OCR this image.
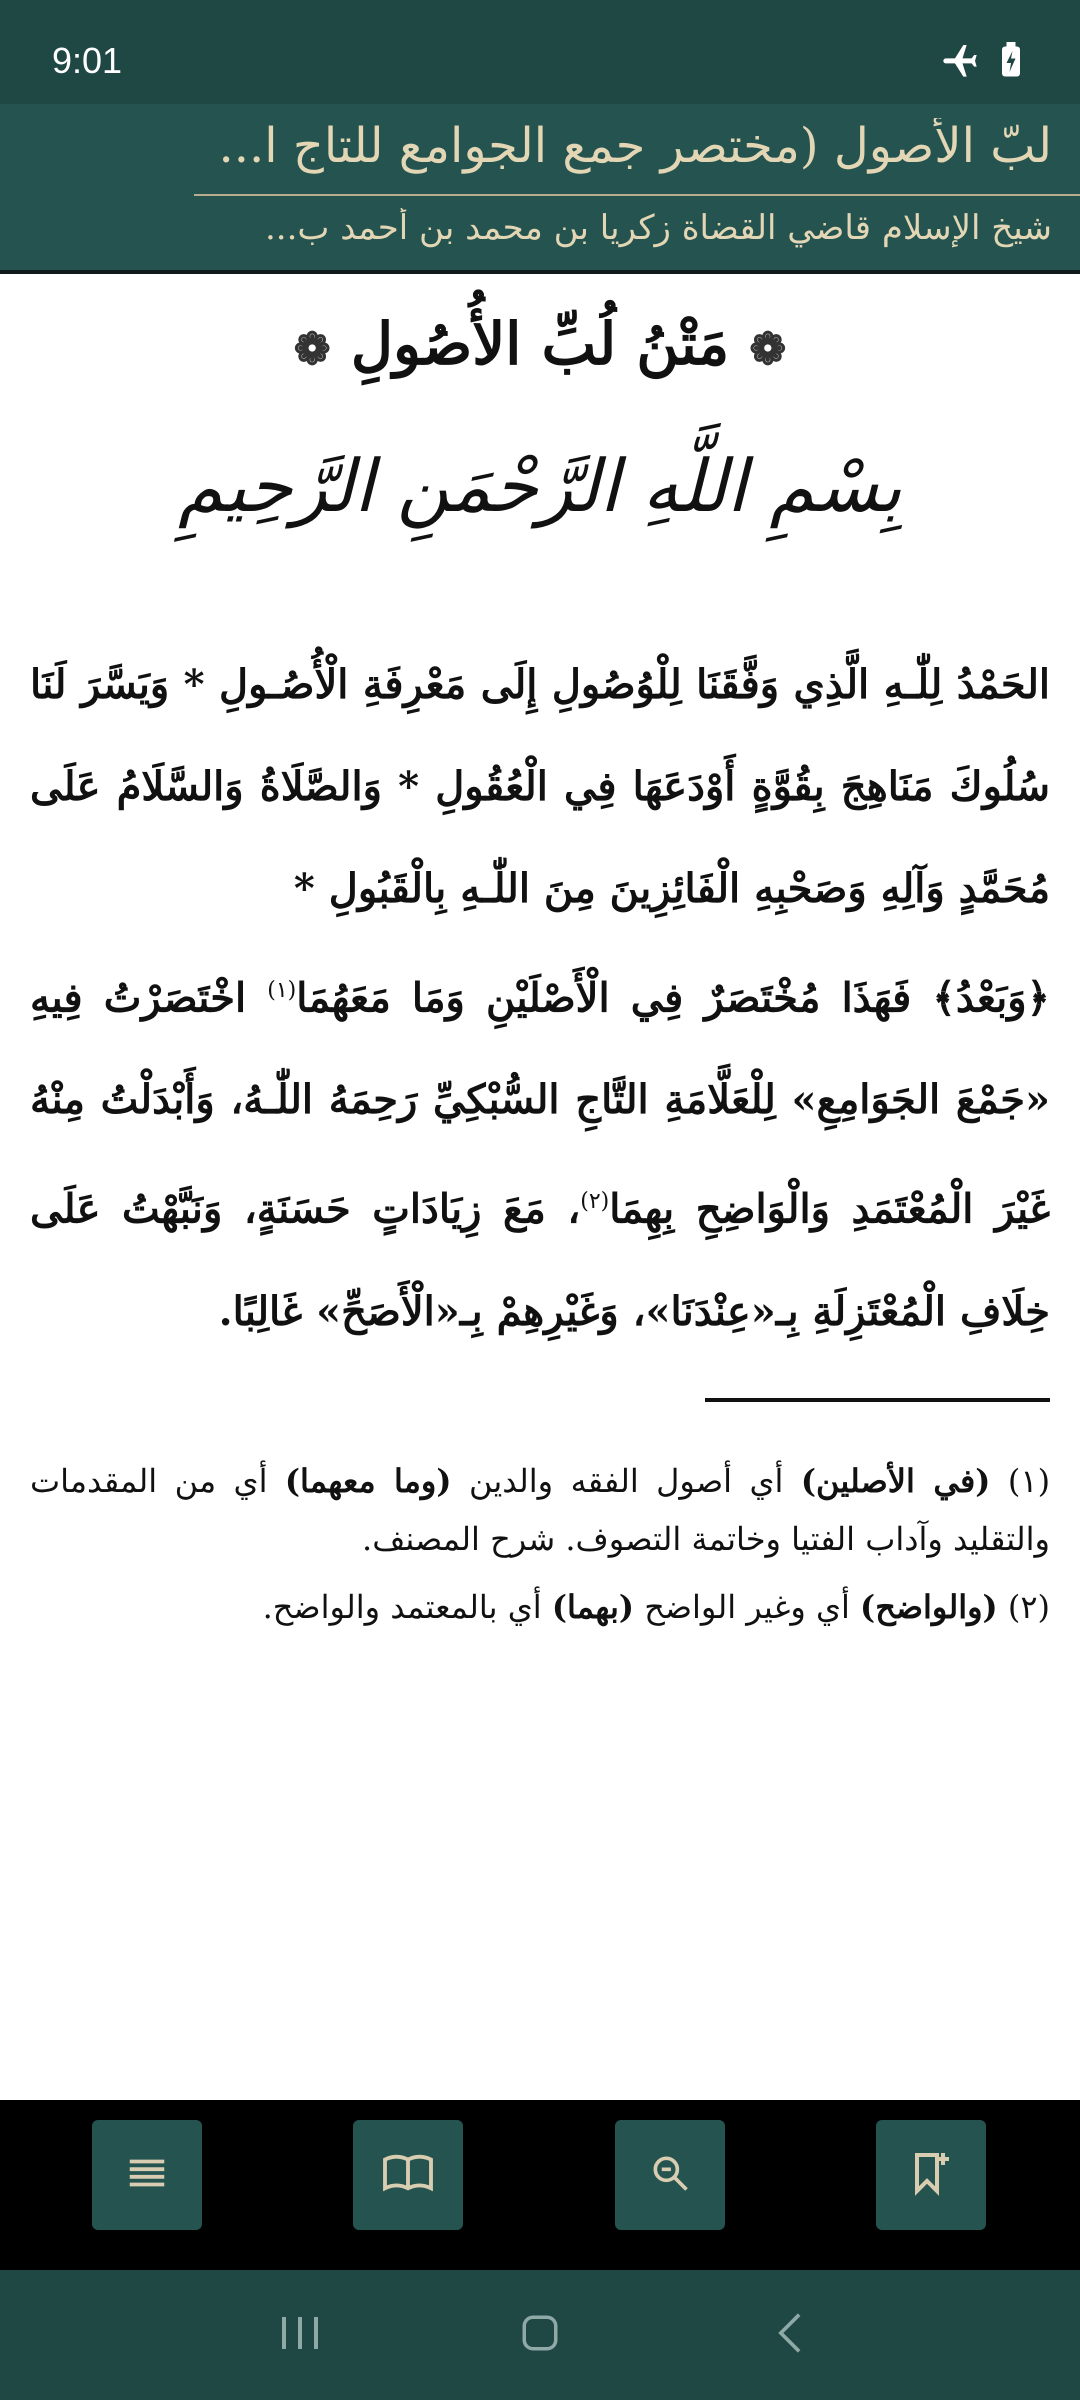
9:01
لبّ الأصول (مختصر جمع الجوامع للتاج ا...
شيخ الإسلام قاضي القضاة زكريا بن محمد بن أحمد ب...
❁ مَتْنُ لُبِّ الأُصُولِ ❁
بِسْمِ اللَّهِ الرَّحْمَنِ الرَّحِيمِ

الحَمْدُ لِلّٰـهِ الَّذِي وَفَّقَنَا لِلْوُصُولِ إِلَى مَعْرِفَةِ الْأُصُـولِ * وَيَسَّرَ لَنَا سُلُوكَ مَنَاهِجَ بِقُوَّةٍ أَوْدَعَهَا فِي الْعُقُولِ * وَالصَّلَاةُ وَالسَّلَامُ عَلَى مُحَمَّدٍ وَآلِهِ وَصَحْبِهِ الْفَائِزِينَ مِنَ اللّٰـهِ بِالْقَبُولِ *

﴿وَبَعْدُ﴾ فَهَذَا مُخْتَصَرٌ فِي الْأَصْلَيْنِ وَمَا مَعَهُمَا$^{(١)}$ اخْتَصَرْتُ فِيهِ «جَمْعَ الجَوَامِعِ» لِلْعَلَّامَةِ التَّاجِ السُّبْكِيِّ رَحِمَهُ اللّٰـهُ، وَأَبْدَلْتُ مِنْهُ غَيْرَ الْمُعْتَمَدِ وَالْوَاضِحِ بِهِمَا$^{(٢)}$، مَعَ زِيَادَاتٍ حَسَنَةٍ، وَنَبَّهْتُ عَلَى خِلَافِ الْمُعْتَزِلَةِ بِـ«عِنْدَنَا»، وَغَيْرِهِمْ بِـ«الْأَصَحِّ» غَالِبًا.

(١) (في الأصلين) أي أصول الفقه والدين (وما معهما) أي من المقدمات والتقليد وآداب الفتيا وخاتمة التصوف. شرح المصنف.

(٢) (والواضح) أي وغير الواضح (بهما) أي بالمعتمد والواضح.
